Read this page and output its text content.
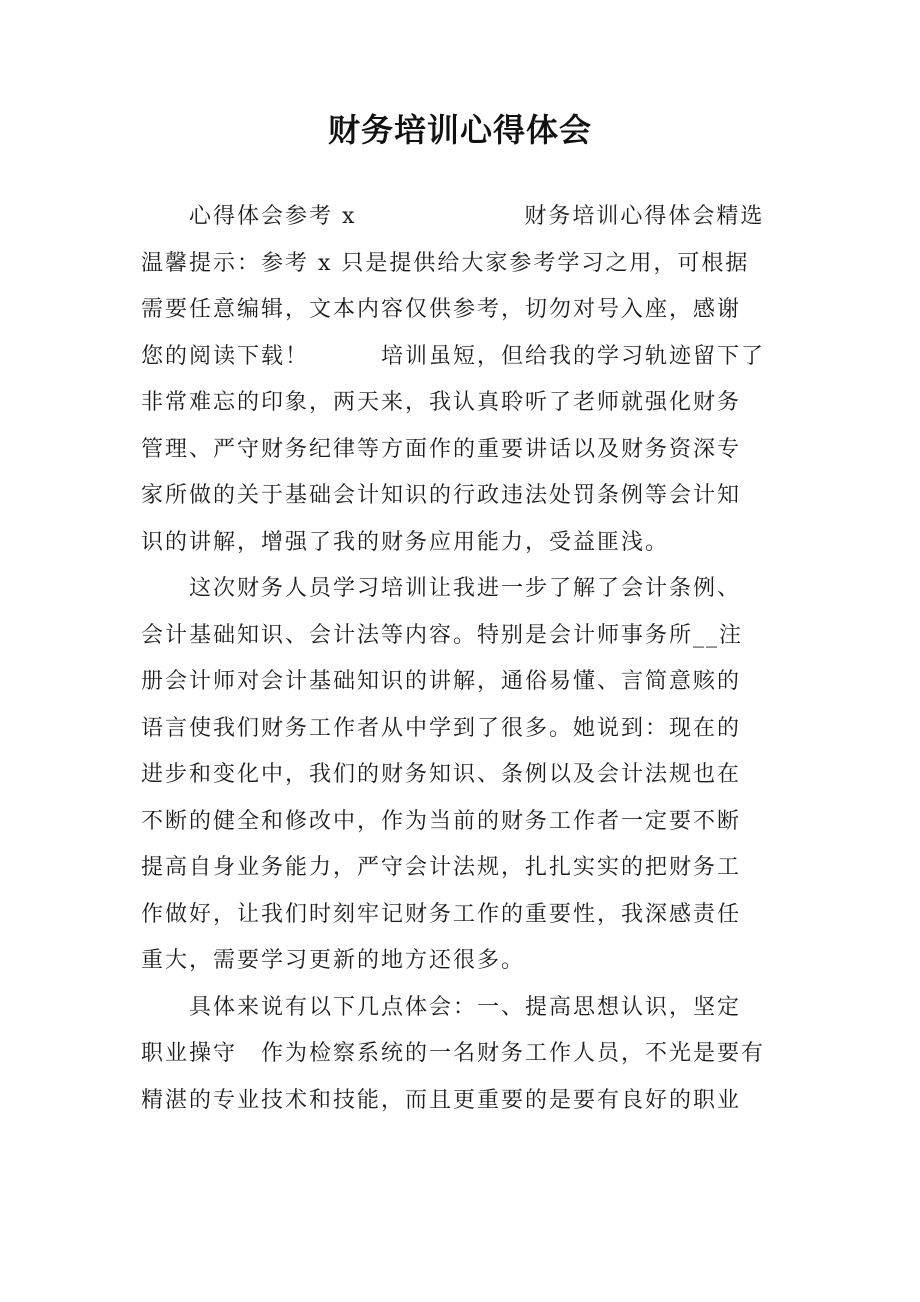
财务培训心得体会
心得体会参考 x　　　　　　　财务培训心得体会精选
温馨提示：参考 x 只是提供给大家参考学习之用，可根据
需要任意编辑，文本内容仅供参考，切勿对号入座，感谢
您的阅读下载！　　　培训虽短，但给我的学习轨迹留下了
非常难忘的印象，两天来，我认真聆听了老师就强化财务
管理、严守财务纪律等方面作的重要讲话以及财务资深专
家所做的关于基础会计知识的行政违法处罚条例等会计知
识的讲解，增强了我的财务应用能力，受益匪浅。
这次财务人员学习培训让我进一步了解了会计条例、
会计基础知识、会计法等内容。特别是会计师事务所__注
册会计师对会计基础知识的讲解，通俗易懂、言简意赅的
语言使我们财务工作者从中学到了很多。她说到：现在的
进步和变化中，我们的财务知识、条例以及会计法规也在
不断的健全和修改中，作为当前的财务工作者一定要不断
提高自身业务能力，严守会计法规，扎扎实实的把财务工
作做好，让我们时刻牢记财务工作的重要性，我深感责任
重大，需要学习更新的地方还很多。
具体来说有以下几点体会：一、提高思想认识，坚定
职业操守　作为检察系统的一名财务工作人员，不光是要有
精湛的专业技术和技能，而且更重要的是要有良好的职业
